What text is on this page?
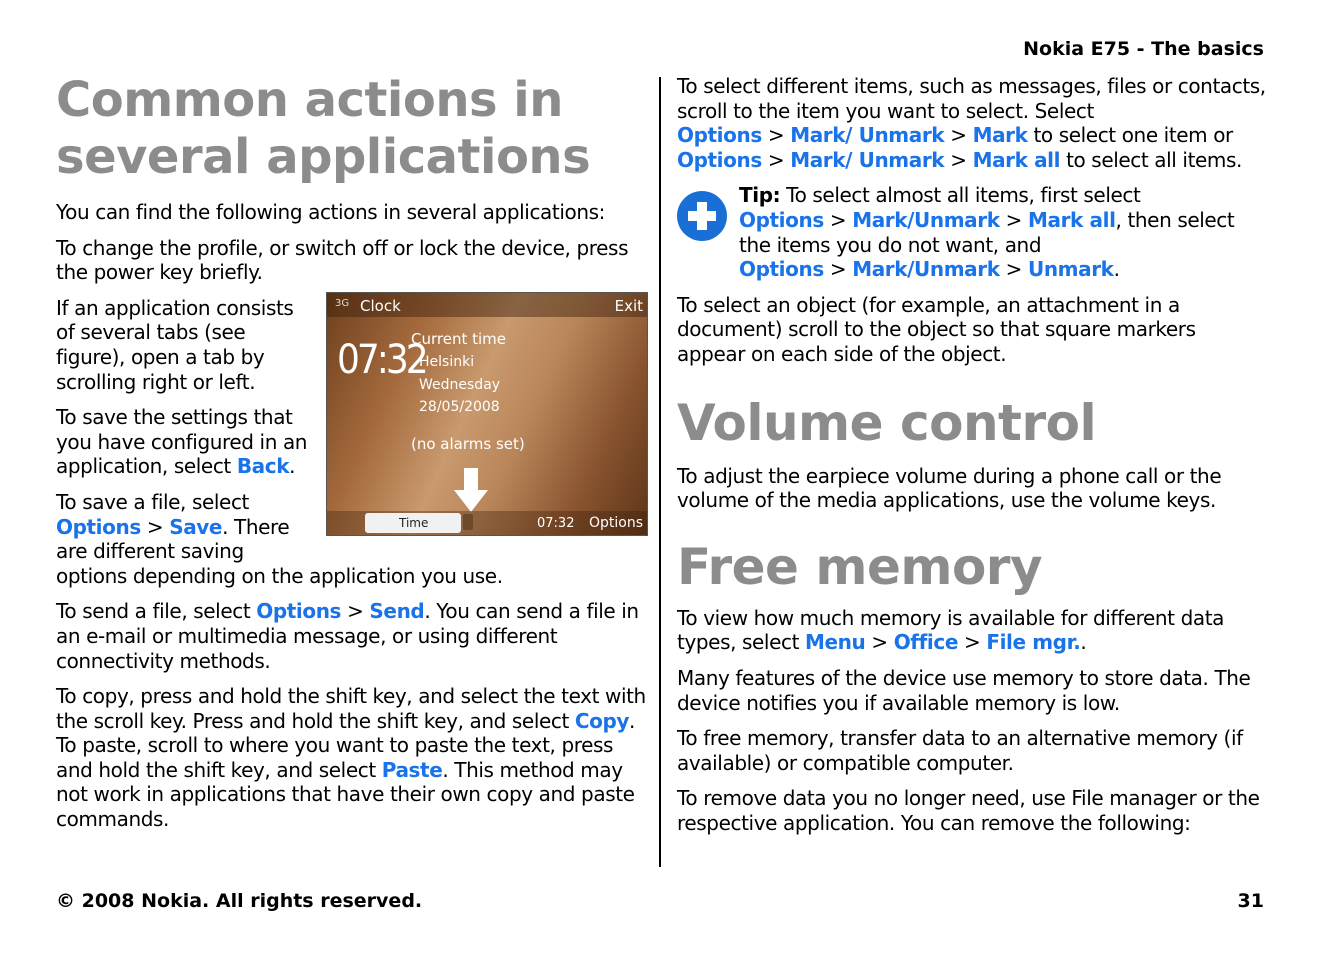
Nokia E75 - The basics
Common actions in
several applications

You can find the following actions in several applications:

To change the profile, or switch off or lock the device, press the power key briefly.

3G Clock	Exit
07:32
Current time
Helsinki
Wednesday
28/05/2008
(no alarms set)
Time	07:32 Options

If an application consists of several tabs (see figure), open a tab by scrolling right or left.

To save the settings that you have configured in an application, select Back.

To save a file, select Options > Save. There are different saving options depending on the application you use.

To send a file, select Options > Send. You can send a file in an e-mail or multimedia message, or using different connectivity methods.

To copy, press and hold the shift key, and select the text with the scroll key. Press and hold the shift key, and select Copy. To paste, scroll to where you want to paste the text, press and hold the shift key, and select Paste. This method may not work in applications that have their own copy and paste commands.

To select different items, such as messages, files or contacts, scroll to the item you want to select. Select Options > Mark/ Unmark > Mark to select one item or Options > Mark/ Unmark > Mark all to select all items.

Tip: To select almost all items, first select Options > Mark/Unmark > Mark all, then select the items you do not want, and Options > Mark/Unmark > Unmark.

To select an object (for example, an attachment in a document) scroll to the object so that square markers appear on each side of the object.

Volume control

To adjust the earpiece volume during a phone call or the volume of the media applications, use the volume keys.

Free memory

To view how much memory is available for different data types, select Menu > Office > File mgr..

Many features of the device use memory to store data. The device notifies you if available memory is low.

To free memory, transfer data to an alternative memory (if available) or compatible computer.

To remove data you no longer need, use File manager or the respective application. You can remove the following:

© 2008 Nokia. All rights reserved.	31
